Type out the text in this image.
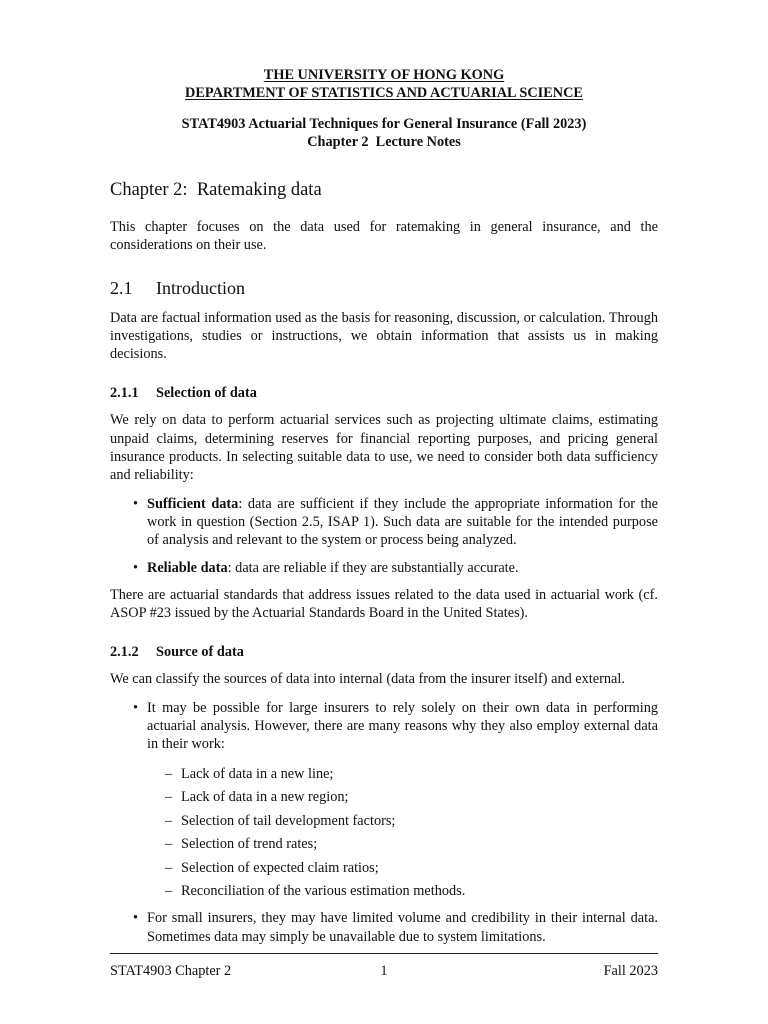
THE UNIVERSITY OF HONG KONG
DEPARTMENT OF STATISTICS AND ACTUARIAL SCIENCE
STAT4903 Actuarial Techniques for General Insurance (Fall 2023)
Chapter 2  Lecture Notes
Chapter 2:  Ratemaking data

This chapter focuses on the data used for ratemaking in general insurance, and the considerations on their use.

2.1 Introduction

Data are factual information used as the basis for reasoning, discussion, or calculation. Through investigations, studies or instructions, we obtain information that assists us in making decisions.

2.1.1 Selection of data

We rely on data to perform actuarial services such as projecting ultimate claims, estimating unpaid claims, determining reserves for financial reporting purposes, and pricing general insurance products. In selecting suitable data to use, we need to consider both data sufficiency and reliability:

• Sufficient data: data are sufficient if they include the appropriate information for the work in question (Section 2.5, ISAP 1). Such data are suitable for the intended purpose of analysis and relevant to the system or process being analyzed.
• Reliable data: data are reliable if they are substantially accurate.

There are actuarial standards that address issues related to the data used in actuarial work (cf. ASOP #23 issued by the Actuarial Standards Board in the United States).

2.1.2 Source of data

We can classify the sources of data into internal (data from the insurer itself) and external.

• It may be possible for large insurers to rely solely on their own data in performing actuarial analysis. However, there are many reasons why they also employ external data in their work:
– Lack of data in a new line;
– Lack of data in a new region;
– Selection of tail development factors;
– Selection of trend rates;
– Selection of expected claim ratios;
– Reconciliation of the various estimation methods.
• For small insurers, they may have limited volume and credibility in their internal data. Sometimes data may simply be unavailable due to system limitations.
STAT4903 Chapter 2	1	Fall 2023
